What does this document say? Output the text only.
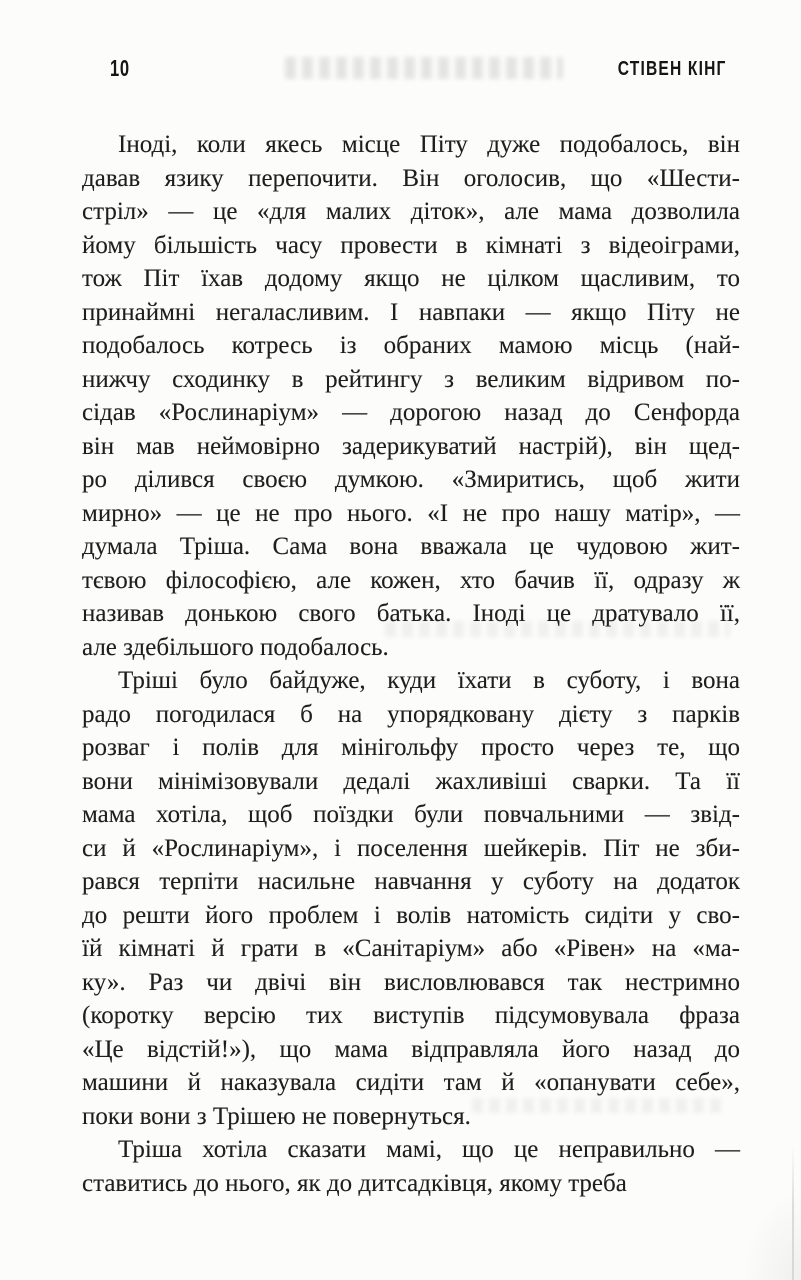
10	СТІВЕН КІНГ
Іноді, коли якесь місце Піту дуже подобалось, він
давав язику перепочити. Він оголосив, що «Шести-
стріл» — це «для малих діток», але мама дозволила
йому більшість часу провести в кімнаті з відеоіграми,
тож Піт їхав додому якщо не цілком щасливим, то
принаймні негаласливим. І навпаки — якщо Піту не
подобалось котресь із обраних мамою місць (най-
нижчу сходинку в рейтингу з великим відривом по-
сідав «Рослинаріум» — дорогою назад до Сенфорда
він мав неймовірно задерикуватий настрій), він щед-
ро ділився своєю думкою. «Змиритись, щоб жити
мирно» — це не про нього. «І не про нашу матір», —
думала Тріша. Сама вона вважала це чудовою жит-
тєвою філософією, але кожен, хто бачив її, одразу ж
називав донькою свого батька. Іноді це дратувало її,
але здебільшого подобалось.
Тріші було байдуже, куди їхати в суботу, і вона
радо погодилася б на упорядковану дієту з парків
розваг і полів для мінігольфу просто через те, що
вони мінімізовували дедалі жахливіші сварки. Та її
мама хотіла, щоб поїздки були повчальними — звід-
си й «Рослинаріум», і поселення шейкерів. Піт не зби-
рався терпіти насильне навчання у суботу на додаток
до решти його проблем і волів натоміcть сидіти у сво-
їй кімнаті й грати в «Санітаріум» або «Рівен» на «ма-
ку». Раз чи двічі він висловлювався так нестримно
(коротку версію тих виступів підсумовувала фраза
«Це відстій!»), що мама відправляла його назад до
машини й наказувала сидіти там й «опанувати себе»,
поки вони з Трішею не повернуться.
Тріша хотіла сказати мамі, що це неправильно —
ставитись до нього, як до дитсадківця, якому треба
